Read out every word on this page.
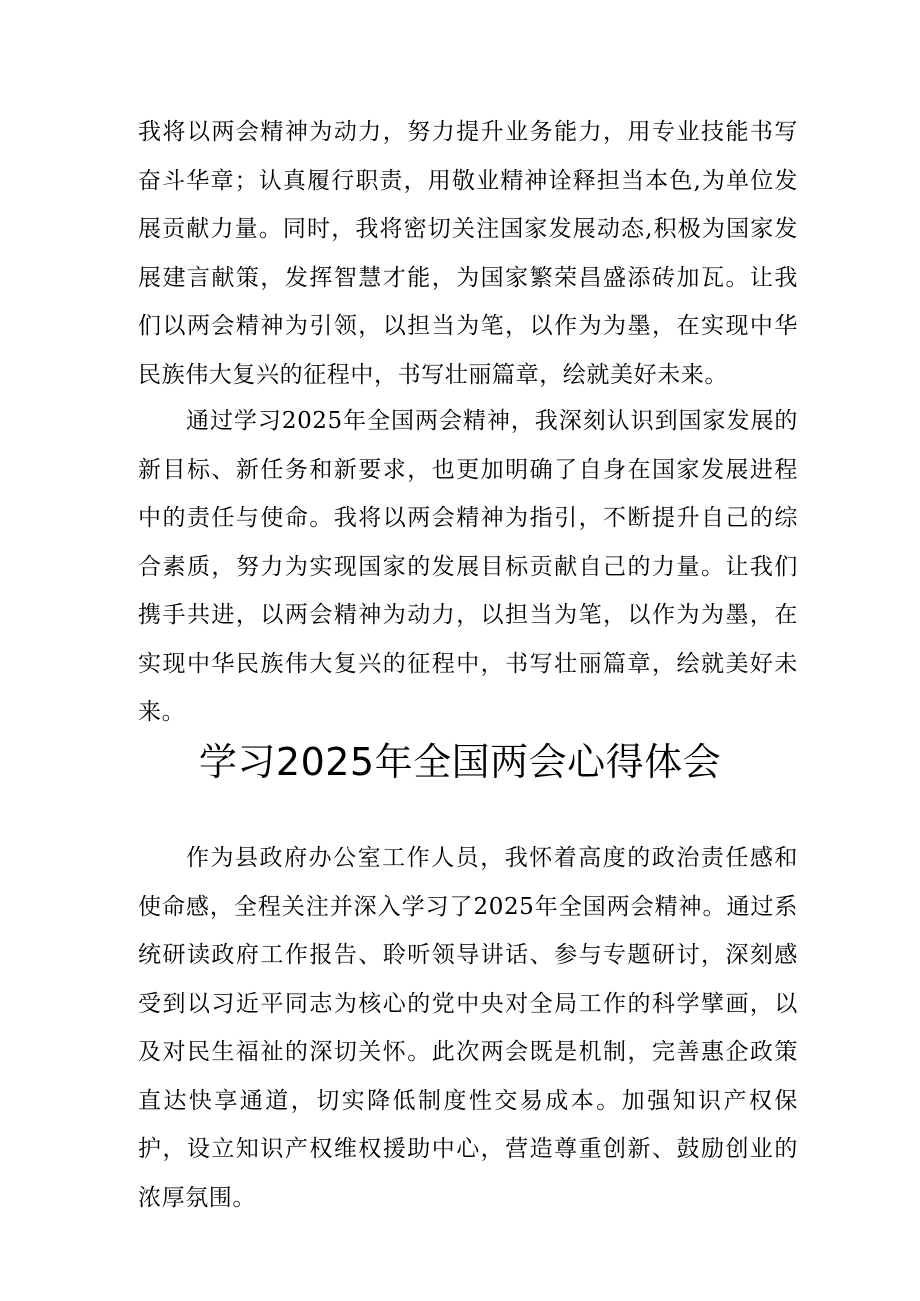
我将以两会精神为动力，努力提升业务能力，用专业技能书写奋斗华章；认真履行职责，用敬业精神诠释担当本色,为单位发展贡献力量。同时，我将密切关注国家发展动态,积极为国家发展建言献策，发挥智慧才能，为国家繁荣昌盛添砖加瓦。让我们以两会精神为引领，以担当为笔，以作为为墨，在实现中华民族伟大复兴的征程中，书写壮丽篇章，绘就美好未来。

通过学习2025年全国两会精神，我深刻认识到国家发展的新目标、新任务和新要求，也更加明确了自身在国家发展进程中的责任与使命。我将以两会精神为指引，不断提升自己的综合素质，努力为实现国家的发展目标贡献自己的力量。让我们携手共进，以两会精神为动力，以担当为笔，以作为为墨，在实现中华民族伟大复兴的征程中，书写壮丽篇章，绘就美好未来。

学习2025年全国两会心得体会

作为县政府办公室工作人员，我怀着高度的政治责任感和使命感，全程关注并深入学习了2025年全国两会精神。通过系统研读政府工作报告、聆听领导讲话、参与专题研讨，深刻感受到以习近平同志为核心的党中央对全局工作的科学擘画，以及对民生福祉的深切关怀。此次两会既是机制，完善惠企政策直达快享通道，切实降低制度性交易成本。加强知识产权保护，设立知识产权维权援助中心，营造尊重创新、鼓励创业的浓厚氛围。
